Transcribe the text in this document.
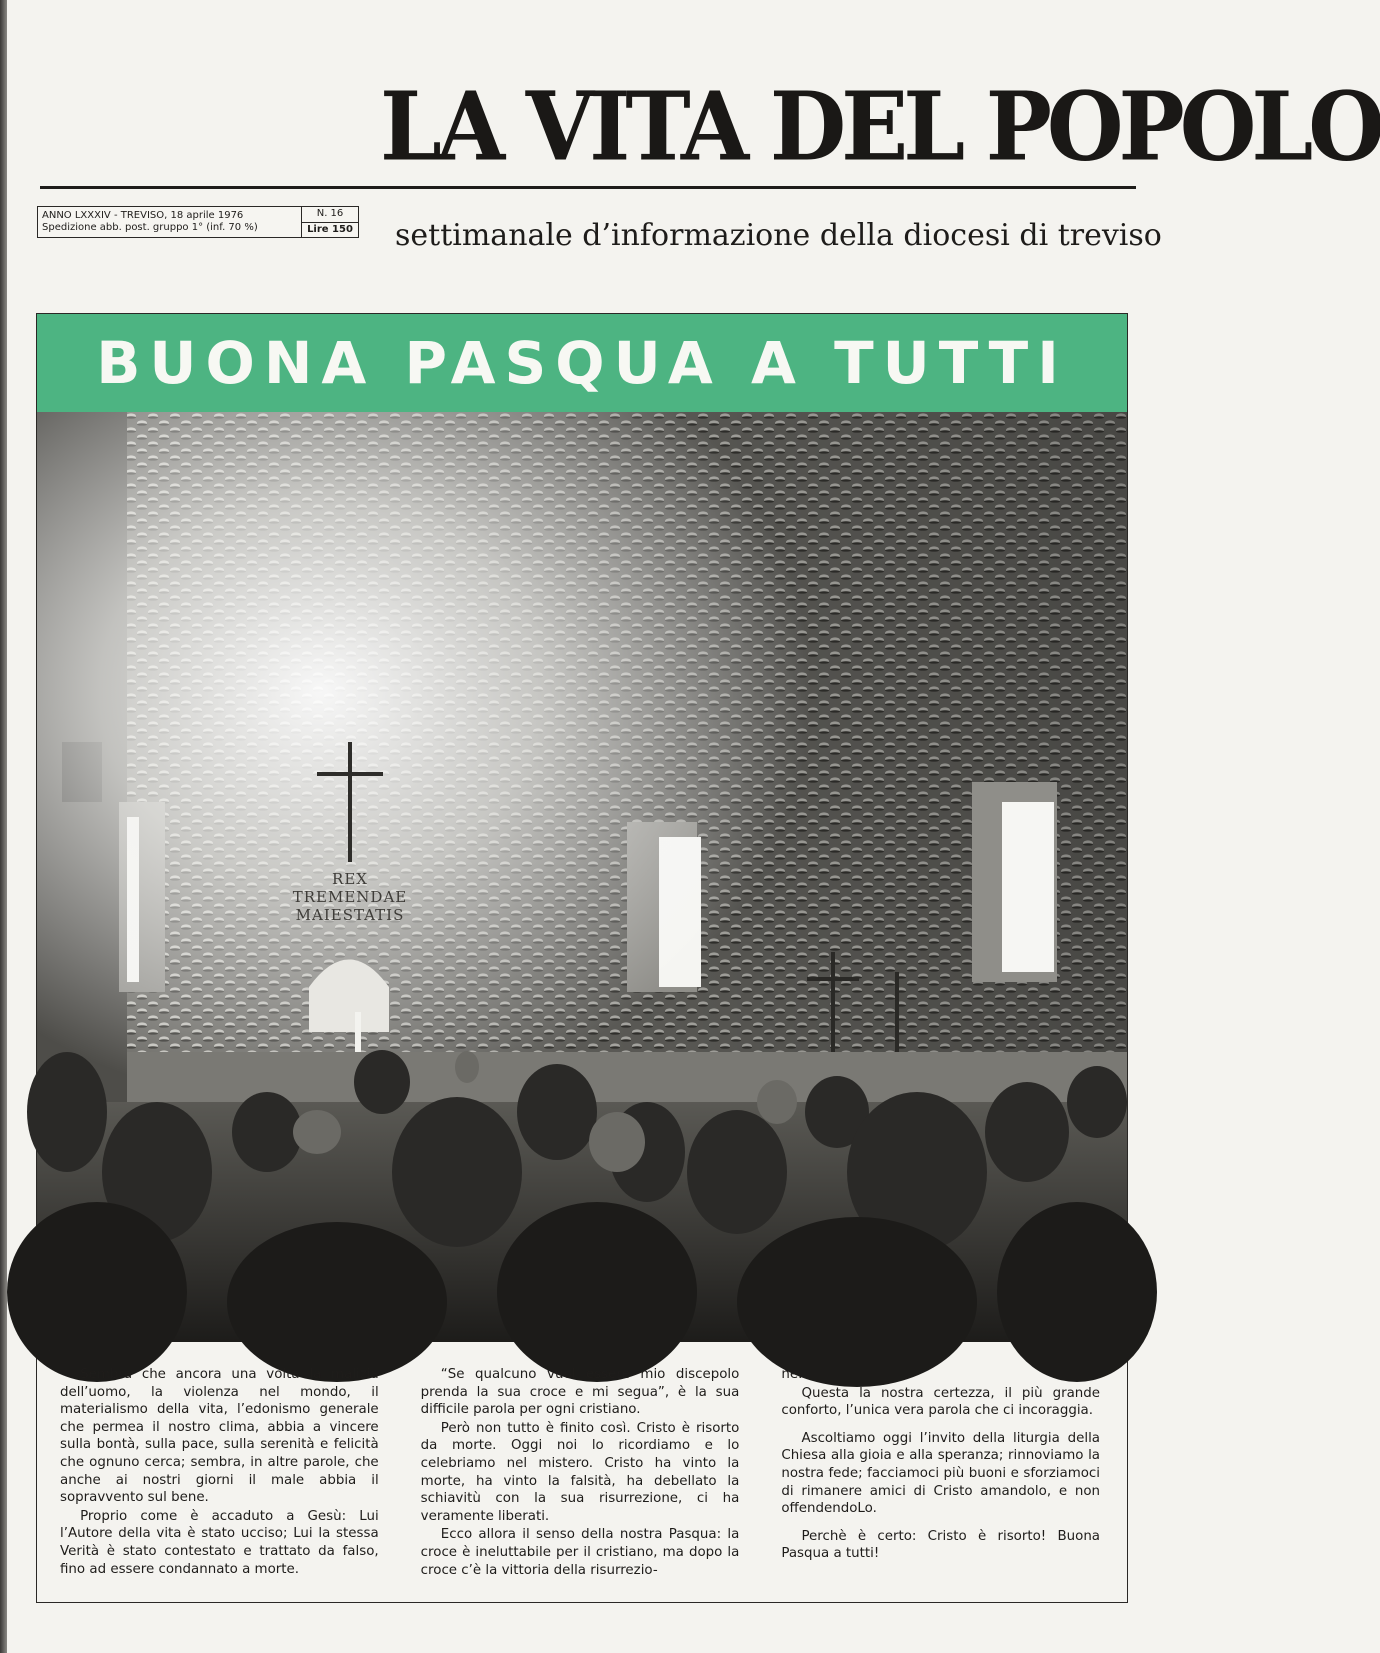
LA VITA DEL POPOLO
ANNO LXXXIV - TREVISO, 18 aprile 1976
Spedizione abb. post. gruppo 1° (inf. 70 %)
N. 16
Lire 150 settimanale d’informazione della diocesi di treviso
BUONA PASQUA A TUTTI
REX
TREMENDAE
MAIESTATIS

Sembra che ancora una volta la malizia dell’uomo, la violenza nel mondo, il materialismo della vita, l’edonismo generale che permea il nostro clima, abbia a vincere sulla bontà, sulla pace, sulla serenità e felicità che ognuno cerca; sembra, in altre parole, che anche ai nostri giorni il male abbia il sopravvento sul bene.

Proprio come è accaduto a Gesù: Lui l’Autore della vita è stato ucciso; Lui la stessa Verità è stato contestato e trattato da falso, fino ad essere condannato a morte.

“Se qualcuno vuol essere mio discepolo prenda la sua croce e mi segua”, è la sua difficile parola per ogni cristiano.

Però non tutto è finito così. Cristo è risorto da morte. Oggi noi lo ricordiamo e lo celebriamo nel mistero. Cristo ha vinto la morte, ha vinto la falsità, ha debellato la schiavitù con la sua risurrezione, ci ha veramente liberati.

Ecco allora il senso della nostra Pasqua: la croce è ineluttabile per il cristiano, ma dopo la croce c’è la vittoria della risurrezio-

ne.

Questa la nostra certezza, il più grande conforto, l’unica vera parola che ci incoraggia.

Ascoltiamo oggi l’invito della liturgia della Chiesa alla gioia e alla speranza; rinnoviamo la nostra fede; facciamoci più buoni e sforziamoci di rimanere amici di Cristo amandolo, e non offendendoLo.

Perchè è certo: Cristo è risorto! Buona Pasqua a tutti!
